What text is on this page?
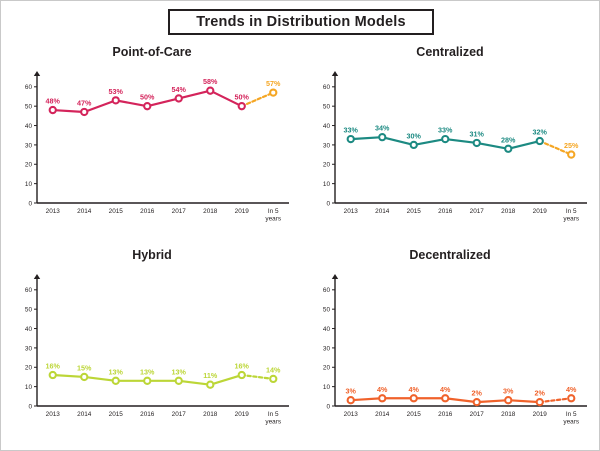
Trends in Distribution Models
Point-of-Care
0
10
20
30
40
50
60
2013	2014	2015	2016	2017	2018	2019	In 5
years
48% 47%
53%
50%
54%
58%
50%
57%
Centralized
0
10
20
30
40
50
60
2013	2014	2015	2016	2017	2018	2019	In 5
years
33% 34%
30%
33% 31%
28%
32%
25%
Hybrid
0
10
20
30
40
50
60
2013	2014	2015	2016	2017	2018	2019	In 5
years
16% 15% 13% 13% 13% 11%
16% 14%
Decentralized
0
10
20
30
40
50
60
2013	2014	2015	2016	2017	2018	2019	In 5
years
3%	4%	4%	4%	2%	3%	2%	4%
